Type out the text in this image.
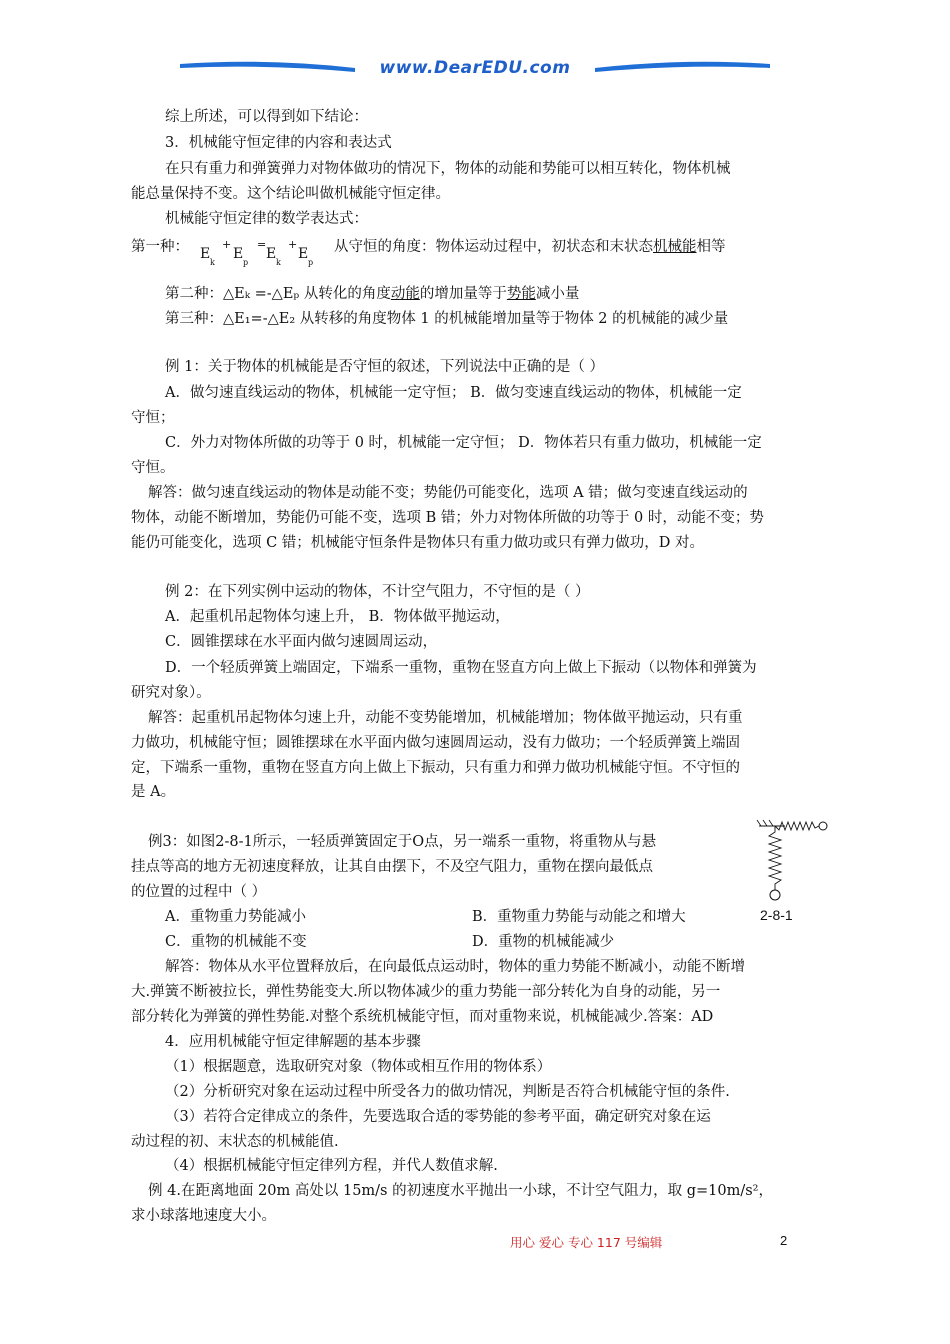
www.DearEDU.com
综上所述，可以得到如下结论：
3．机械能守恒定律的内容和表达式
在只有重力和弹簧弹力对物体做功的情况下，物体的动能和势能可以相互转化，物体机械
能总量保持不变。这个结论叫做机械能守恒定律。
机械能守恒定律的数学表达式：
第一种： E
k
+
E
p
=
E
k
+
E
p
从守恒的角度：物体运动过程中，初状态和末状态机械能相等
第二种：△Eₖ =-△Eₚ 从转化的角度动能的增加量等于势能减小量
第三种：△E₁=-△E₂ 从转移的角度物体 1 的机械能增加量等于物体 2 的机械能的减少量
例 1：关于物体的机械能是否守恒的叙述，下列说法中正确的是（ ）
A．做匀速直线运动的物体，机械能一定守恒； B．做匀变速直线运动的物体，机械能一定
守恒；
C．外力对物体所做的功等于 0 时，机械能一定守恒； D．物体若只有重力做功，机械能一定
守恒。
解答：做匀速直线运动的物体是动能不变；势能仍可能变化，选项 A 错；做匀变速直线运动的
物体，动能不断增加，势能仍可能不变，选项 B 错；外力对物体所做的功等于 0 时，动能不变；势
能仍可能变化，选项 C 错；机械能守恒条件是物体只有重力做功或只有弹力做功，D 对。
例 2：在下列实例中运动的物体，不计空气阻力，不守恒的是（ ）
A．起重机吊起物体匀速上升， B．物体做平抛运动，
C．圆锥摆球在水平面内做匀速圆周运动，
D．一个轻质弹簧上端固定，下端系一重物，重物在竖直方向上做上下振动（以物体和弹簧为
研究对象）。
解答：起重机吊起物体匀速上升，动能不变势能增加，机械能增加；物体做平抛运动，只有重
力做功，机械能守恒；圆锥摆球在水平面内做匀速圆周运动，没有力做功；一个轻质弹簧上端固
定，下端系一重物，重物在竖直方向上做上下振动，只有重力和弹力做功机械能守恒。不守恒的
是 A。
例3：如图2-8-1所示，一轻质弹簧固定于O点，另一端系一重物，将重物从与悬
挂点等高的地方无初速度释放，让其自由摆下，不及空气阻力，重物在摆向最低点
的位置的过程中（ ）
A．重物重力势能减小	B．重物重力势能与动能之和增大
C．重物的机械能不变	D．重物的机械能减少
2-8-1
解答：物体从水平位置释放后，在向最低点运动时，物体的重力势能不断减小，动能不断增
大.弹簧不断被拉长，弹性势能变大.所以物体减少的重力势能一部分转化为自身的动能，另一
部分转化为弹簧的弹性势能.对整个系统机械能守恒，而对重物来说，机械能减少.答案：AD
4．应用机械能守恒定律解题的基本步骤
（1）根据题意，选取研究对象（物体或相互作用的物体系）
（2）分析研究对象在运动过程中所受各力的做功情况，判断是否符合机械能守恒的条件.
（3）若符合定律成立的条件，先要选取合适的零势能的参考平面，确定研究对象在运
动过程的初、末状态的机械能值.
（4）根据机械能守恒定律列方程，并代人数值求解.
例 4.在距离地面 20m 高处以 15m/s 的初速度水平抛出一小球，不计空气阻力，取 g=10m/s²，
求小球落地速度大小。
用心 爱心 专心 117 号编辑	2
